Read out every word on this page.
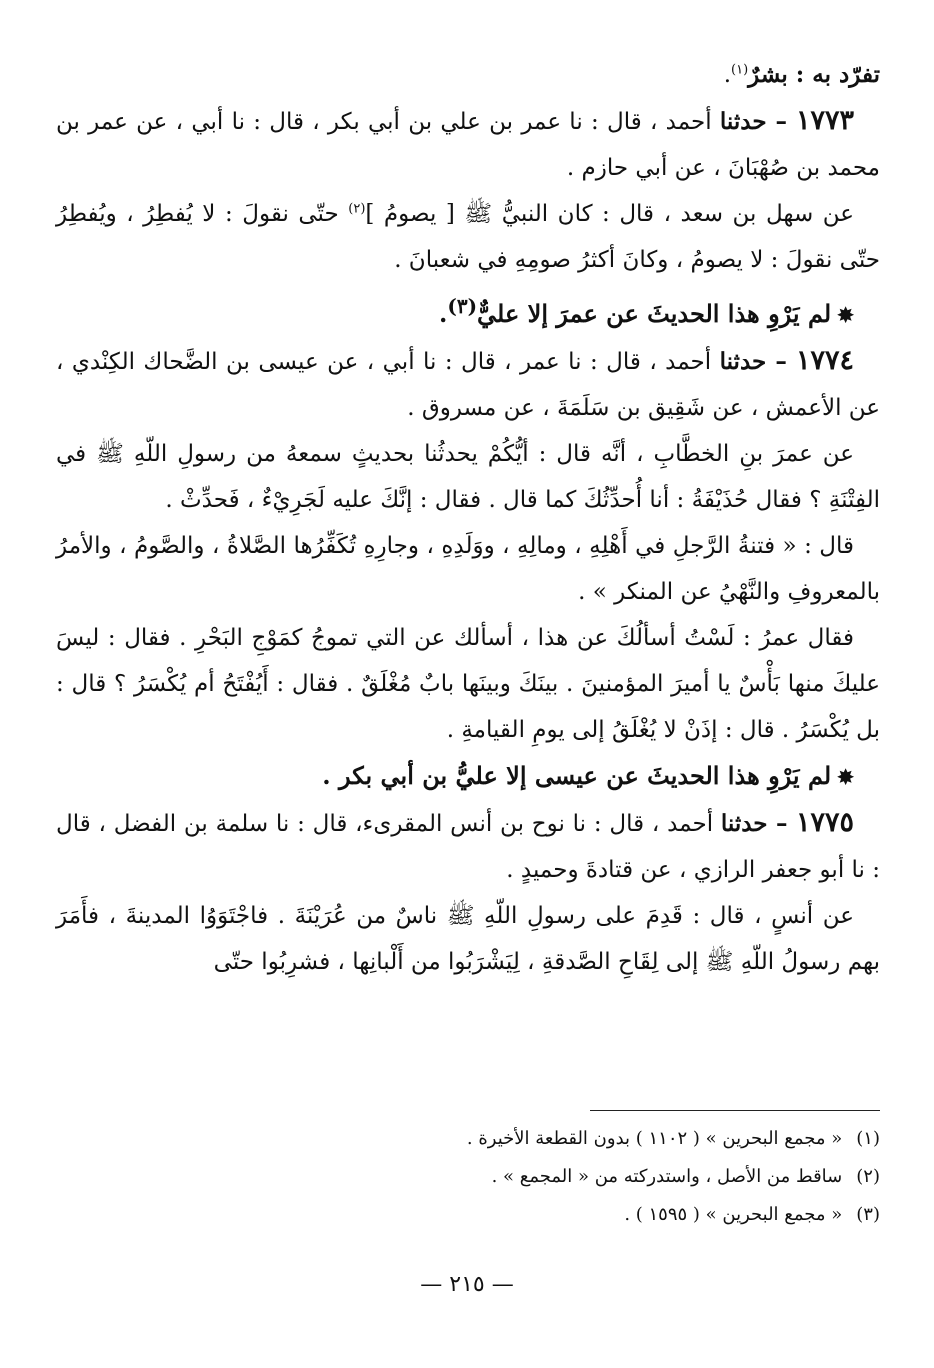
تفرّد به : بشرٌ$^{(١)}$.

١٧٧٣ – حدثنا أحمد ، قال : نا عمر بن علي بن أبي بكر ، قال : نا أبي ، عن عمر بن محمد بن صُهْبَانَ ، عن أبي حازم .

عن سهل بن سعد ، قال : كان النبيُّ ﷺ [ يصومُ ]$^{(٢)}$ حتّى نقولَ : لا يُفطِرُ ، ويُفطِرُ حتّى نقولَ : لا يصومُ ، وكانَ أكثرُ صومِهِ في شعبانَ .

✸لم يَرْوِ هذا الحديثَ عن عمرَ إلا عليٌّ$^{(٣)}$.

١٧٧٤ – حدثنا أحمد ، قال : نا عمر ، قال : نا أبي ، عن عيسى بن الضَّحاك الكِنْدي ، عن الأعمش ، عن شَقِيق بن سَلَمَةَ ، عن مسروق .

عن عمرَ بنِ الخطَّابِ ، أنَّه قال : أيُّكُمْ يحدثُنا بحديثٍ سمعهُ من رسولِ اللّهِ ﷺ في الفِتْنَةِ ؟ فقال حُذَيْفَةُ : أنا أُحدِّثُكَ كما قال . فقال : إنَّكَ عليه لَجَرِيْءٌ ، فَحدِّثْ .

قال : « فتنةُ الرَّجلِ في أَهْلِهِ ، ومالِهِ ، ووَلَدِهِ ، وجارِهِ تُكَفِّرُها الصَّلاةُ ، والصَّومُ ، والأمرُ بالمعروفِ والنَّهْيُ عن المنكر » .

فقال عمرُ : لَسْتُ أسألُكَ عن هذا ، أسألك عن التي تموجُ كمَوْجِ البَحْرِ . فقال : ليسَ عليكَ منها بَأْسٌ يا أميرَ المؤمنينَ . بينَكَ وبينَها بابٌ مُغْلَقٌ . فقال : أَيُفْتَحُ أم يُكْسَرُ ؟ قال : بل يُكْسَرُ . قال : إذَنْ لا يُغْلَقُ إلى يومِ القيامةِ .

✸لم يَرْوِ هذا الحديثَ عن عيسى إلا عليُّ بن أبي بكر .

١٧٧٥ – حدثنا أحمد ، قال : نا نوح بن أنس المقرىء، قال : نا سلمة بن الفضل ، قال : نا أبو جعفر الرازي ، عن قتادةَ وحميدٍ .

عن أنسٍ ، قال : قَدِمَ على رسولِ اللّهِ ﷺ ناسٌ من عُرَيْنَةَ . فاجْتَوَوُا المدينةَ ، فأَمَرَ بهم رسولُ اللّهِ ﷺ إلى لِقَاحِ الصَّدقةِ ، لِيَشْرَبُوا من أَلْبانِها ، فشرِبُوا حتّى

(١)« مجمع البحرين » ( ١١٠٢ ) بدون القطعة الأخيرة .

(٢)ساقط من الأصل ، واستدركته من « المجمع » .

(٣)« مجمع البحرين » ( ١٥٩٥ ) .

— ٢١٥ —
